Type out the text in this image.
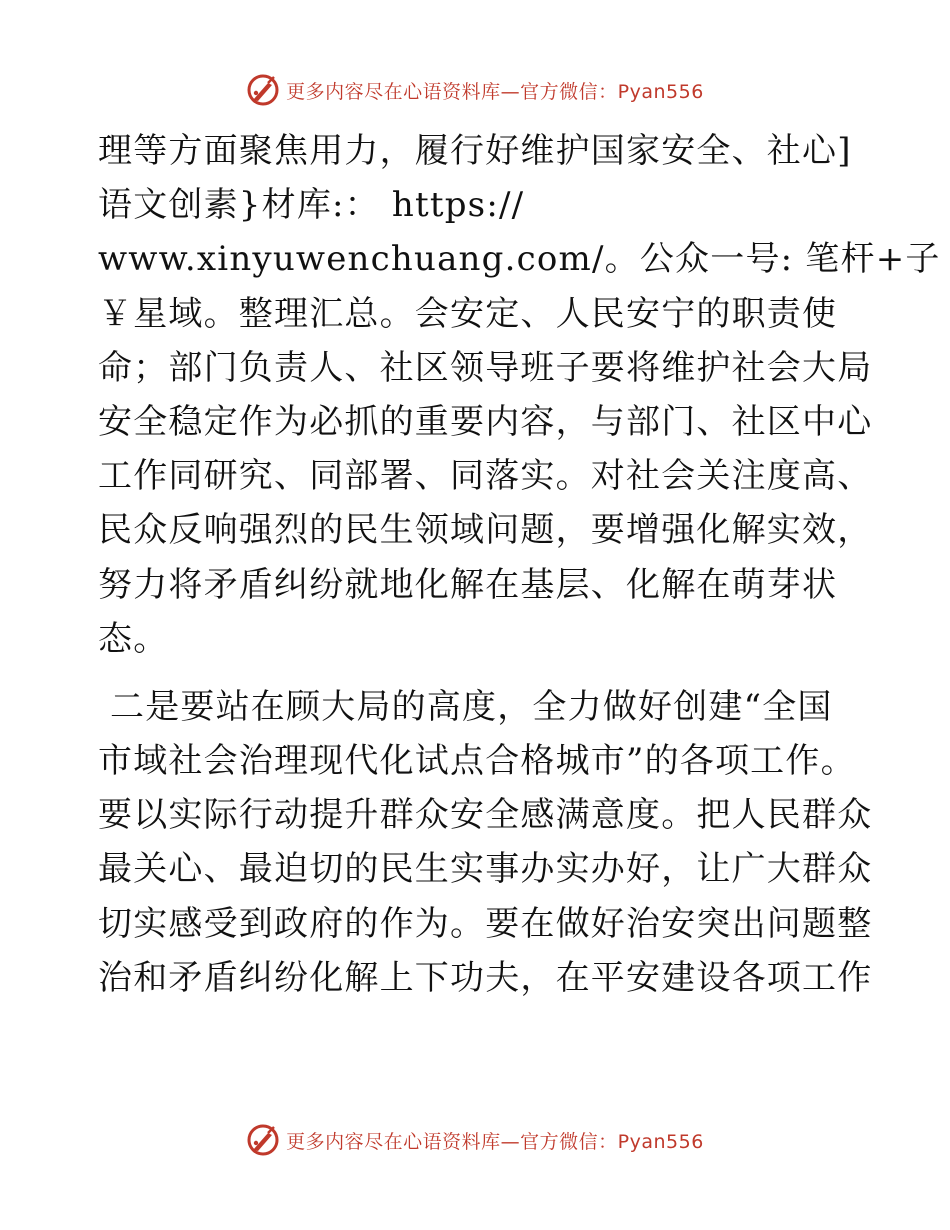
更多内容尽在心语资料库—官方微信：Pyan556
理等方面聚焦用力，履行好维护国家安全、社心]
语文创素}材库:： https://
www.xinyuwenchuang.com/。公众一号: 笔杆+子
￥星域。整理汇总。会安定、人民安宁的职责使
命；部门负责人、社区领导班子要将维护社会大局
安全稳定作为必抓的重要内容，与部门、社区中心
工作同研究、同部署、同落实。对社会关注度高、
民众反响强烈的民生领域问题，要增强化解实效，
努力将矛盾纠纷就地化解在基层、化解在萌芽状
态。
二是要站在顾大局的高度，全力做好创建“全国
市域社会治理现代化试点合格城市”的各项工作。
要以实际行动提升群众安全感满意度。把人民群众
最关心、最迫切的民生实事办实办好，让广大群众
切实感受到政府的作为。要在做好治安突出问题整
治和矛盾纠纷化解上下功夫，在平安建设各项工作
更多内容尽在心语资料库—官方微信：Pyan556
